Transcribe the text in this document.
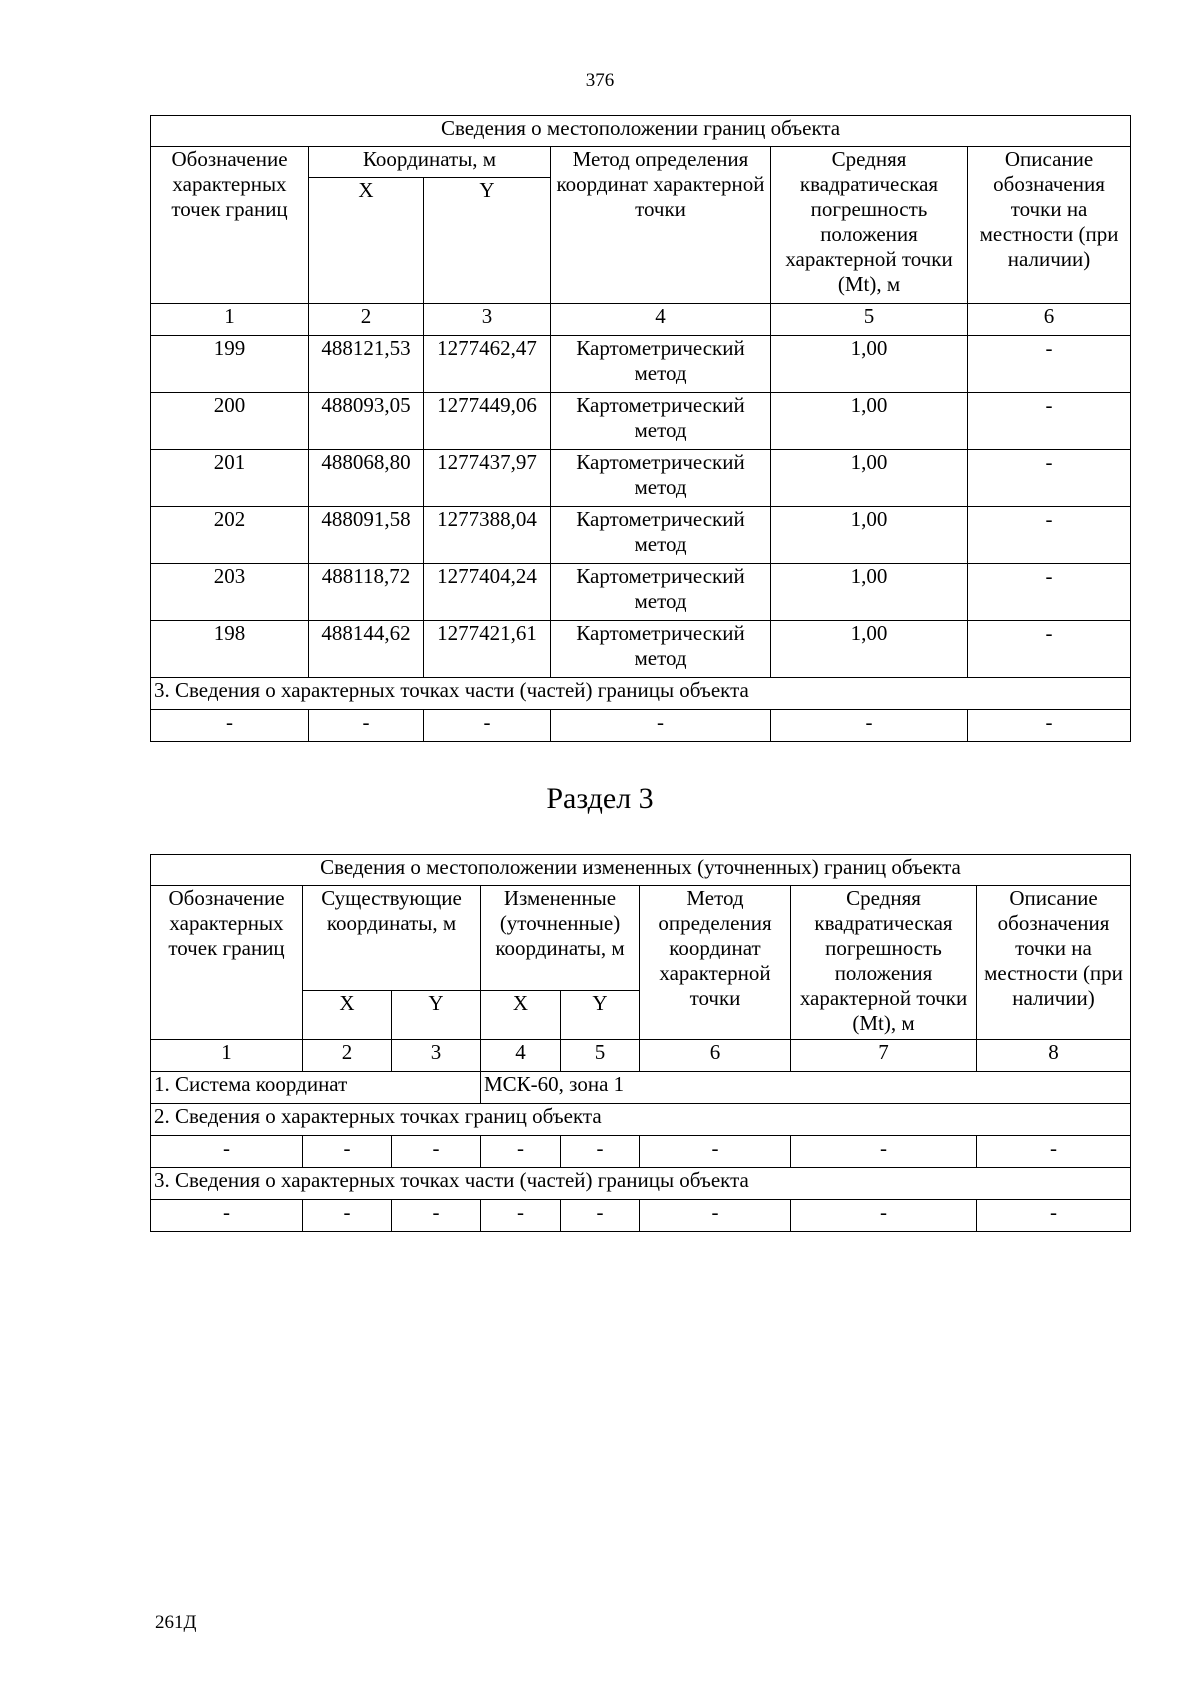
376
Сведения о местоположении границ объекта					
Обозначение характерных точек границ	Координаты, м		Метод определения координат характерной точки	Средняя квадратическая погрешность положения характерной точки (Mt), м	Описание обозначения точки на местности (при наличии)
	X	Y			
1	2	3	4	5	6
199	488121,53	1277462,47	Картометрический метод	1,00	-
200	488093,05	1277449,06	Картометрический метод	1,00	-
201	488068,80	1277437,97	Картометрический метод	1,00	-
202	488091,58	1277388,04	Картометрический метод	1,00	-
203	488118,72	1277404,24	Картометрический метод	1,00	-
198	488144,62	1277421,61	Картометрический метод	1,00	-
3. Сведения о характерных точках части (частей) границы объекта					
-	-	-	-	-	-
Раздел 3
Сведения о местоположении измененных (уточненных) границ объекта							
Обозначение характерных точек границ	Существующие координаты, м		Измененные (уточненные) координаты, м		Метод определения координат характерной точки	Средняя квадратическая погрешность положения характерной точки (Mt), м	Описание обозначения точки на местности (при наличии)
	X	Y	X	Y			
1	2	3	4	5	6	7	8
1. Система координат			МСК-60, зона 1				
2. Сведения о характерных точках границ объекта							
-	-	-	-	-	-	-	-
3. Сведения о характерных точках части (частей) границы объекта							
-	-	-	-	-	-	-	-
261Д
